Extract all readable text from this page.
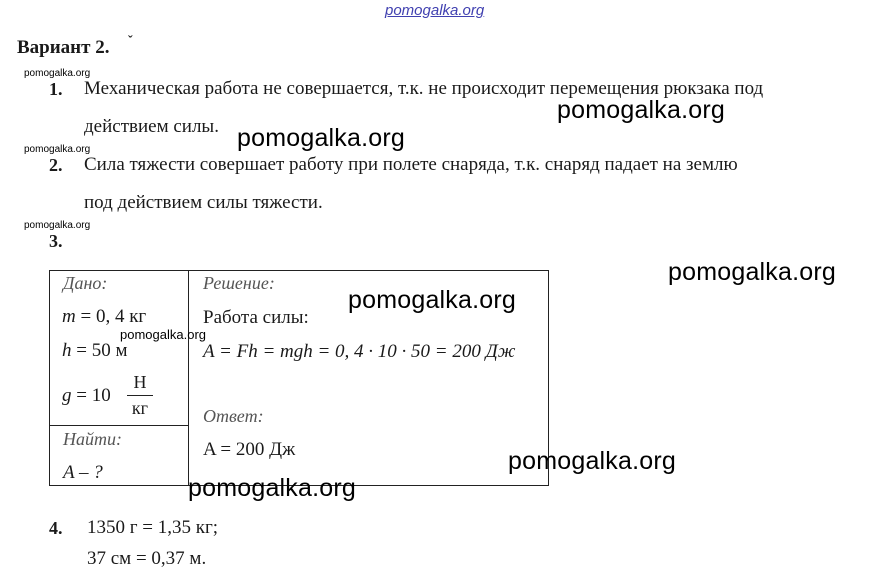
pomogalka.org
Вариант 2. ˇ
pomogalka.org
1. Механическая работа не совершается, т.к. не происходит перемещения рюкзака под
действием силы.
pomogalka.org
pomogalka.org
pomogalka.org
2. Сила тяжести совершает работу при полете снаряда, т.к. снаряд падает на землю
под действием силы тяжести.
pomogalka.org
3.
pomogalka.org
Дано:
m = 0, 4 кг
h = 50 м
g = 10
Н
кг
Найти:
A – ?
Решение:
Работа силы:
A = Fh = mgh = 0, 4 · 10 · 50 = 200 Дж
Ответ:
A = 200 Дж
pomogalka.org
pomogalka.org
pomogalka.org
pomogalka.org
4. 1350 г = 1,35 кг;
37 см = 0,37 м.
